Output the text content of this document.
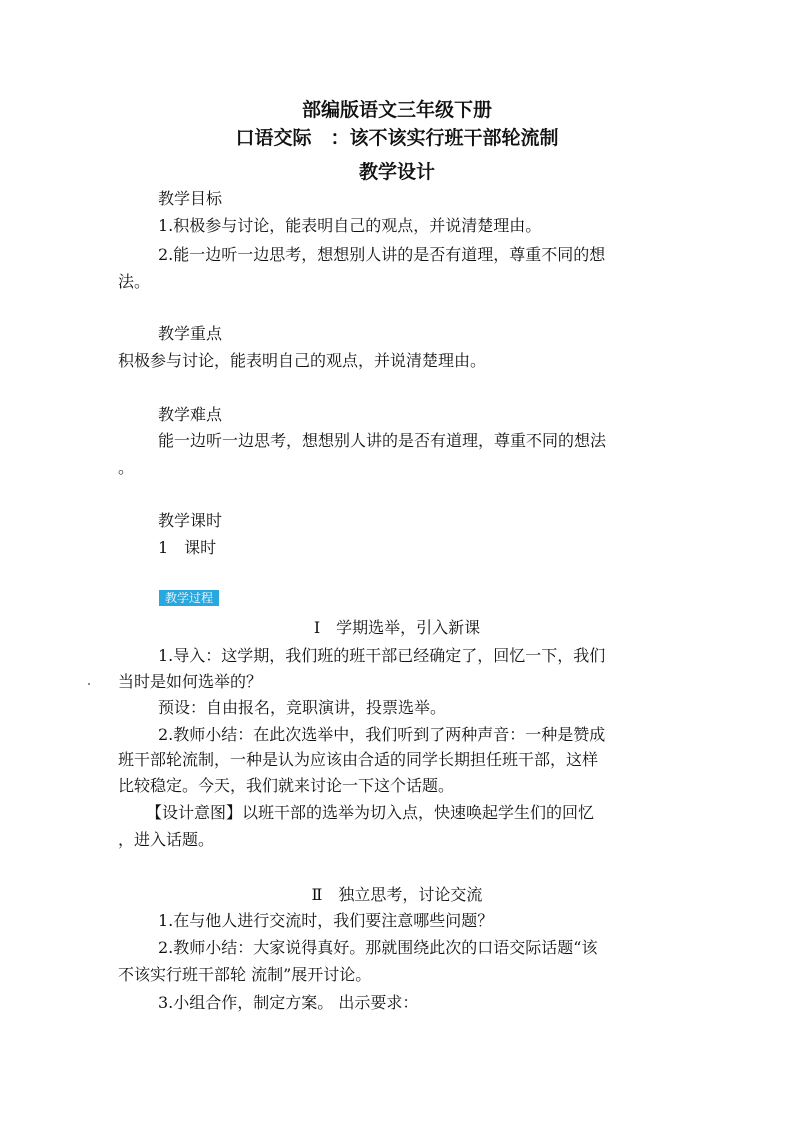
部编版语文三年级下册
口语交际　：该不该实行班干部轮流制
教学设计
教学目标
1.积极参与讨论，能表明自己的观点，并说清楚理由。
2.能一边听一边思考，想想别人讲的是否有道理，尊重不同的想
法。
教学重点
积极参与讨论，能表明自己的观点，并说清楚理由。
教学难点
能一边听一边思考，想想别人讲的是否有道理，尊重不同的想法
。
教学课时
1　课时
教学过程
Ⅰ　学期选举，引入新课
1.导入：这学期，我们班的班干部已经确定了，回忆一下，我们
当时是如何选举的？
预设：自由报名，竞职演讲，投票选举。
2.教师小结：在此次选举中，我们听到了两种声音：一种是赞成
班干部轮流制，一种是认为应该由合适的同学长期担任班干部，这样
比较稳定。今天，我们就来讨论一下这个话题。
【设计意图】以班干部的选举为切入点，快速唤起学生们的回忆
，进入话题。
Ⅱ　独立思考，讨论交流
1.在与他人进行交流时，我们要注意哪些问题？
2.教师小结：大家说得真好。那就围绕此次的口语交际话题“该
不该实行班干部轮 流制”展开讨论。
3.小组合作，制定方案。 出示要求：
